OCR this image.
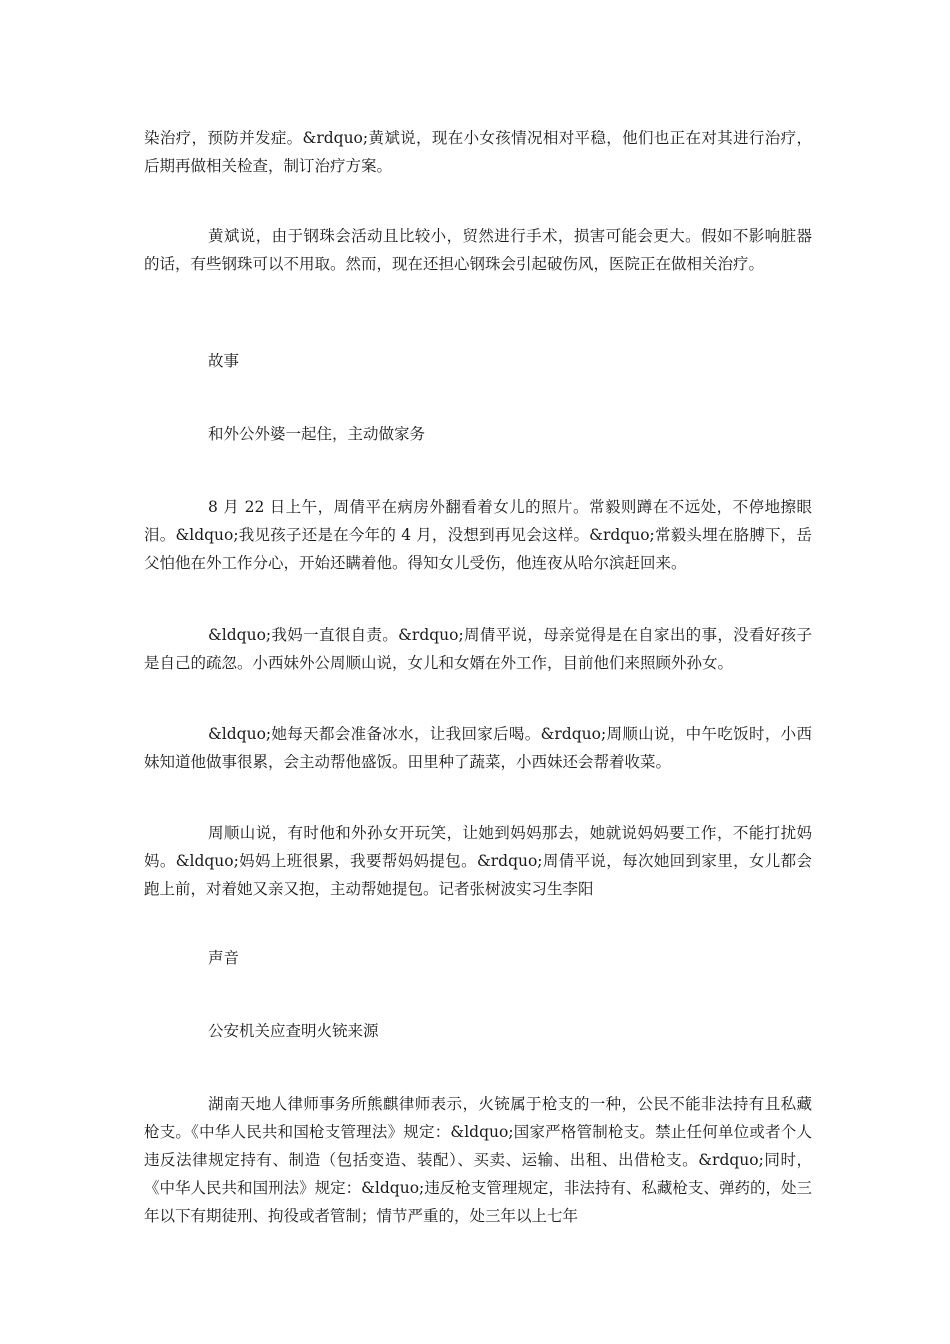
染治疗，预防并发症。&rdquo;黄斌说，现在小女孩情况相对平稳，他们也正在对其进行治疗，后期再做相关检查，制订治疗方案。

黄斌说，由于钢珠会活动且比较小，贸然进行手术，损害可能会更大。假如不影响脏器的话，有些钢珠可以不用取。然而，现在还担心钢珠会引起破伤风，医院正在做相关治疗。

故事

和外公外婆一起住，主动做家务

8 月 22 日上午，周倩平在病房外翻看着女儿的照片。常毅则蹲在不远处，不停地擦眼泪。&ldquo;我见孩子还是在今年的 4 月，没想到再见会这样。&rdquo;常毅头埋在胳膊下，岳父怕他在外工作分心，开始还瞒着他。得知女儿受伤，他连夜从哈尔滨赶回来。

&ldquo;我妈一直很自责。&rdquo;周倩平说，母亲觉得是在自家出的事，没看好孩子是自己的疏忽。小西妹外公周顺山说，女儿和女婿在外工作，目前他们来照顾外孙女。

&ldquo;她每天都会准备冰水，让我回家后喝。&rdquo;周顺山说，中午吃饭时，小西妹知道他做事很累，会主动帮他盛饭。田里种了蔬菜，小西妹还会帮着收菜。

周顺山说，有时他和外孙女开玩笑，让她到妈妈那去，她就说妈妈要工作，不能打扰妈妈。&ldquo;妈妈上班很累，我要帮妈妈提包。&rdquo;周倩平说，每次她回到家里，女儿都会跑上前，对着她又亲又抱，主动帮她提包。记者张树波实习生李阳

声音

公安机关应查明火铳来源

湖南天地人律师事务所熊麒律师表示，火铳属于枪支的一种，公民不能非法持有且私藏枪支。《中华人民共和国枪支管理法》规定：&ldquo;国家严格管制枪支。禁止任何单位或者个人违反法律规定持有、制造（包括变造、装配）、买卖、运输、出租、出借枪支。&rdquo;同时，《中华人民共和国刑法》规定：&ldquo;违反枪支管理规定，非法持有、私藏枪支、弹药的，处三年以下有期徒刑、拘役或者管制；情节严重的，处三年以上七年
